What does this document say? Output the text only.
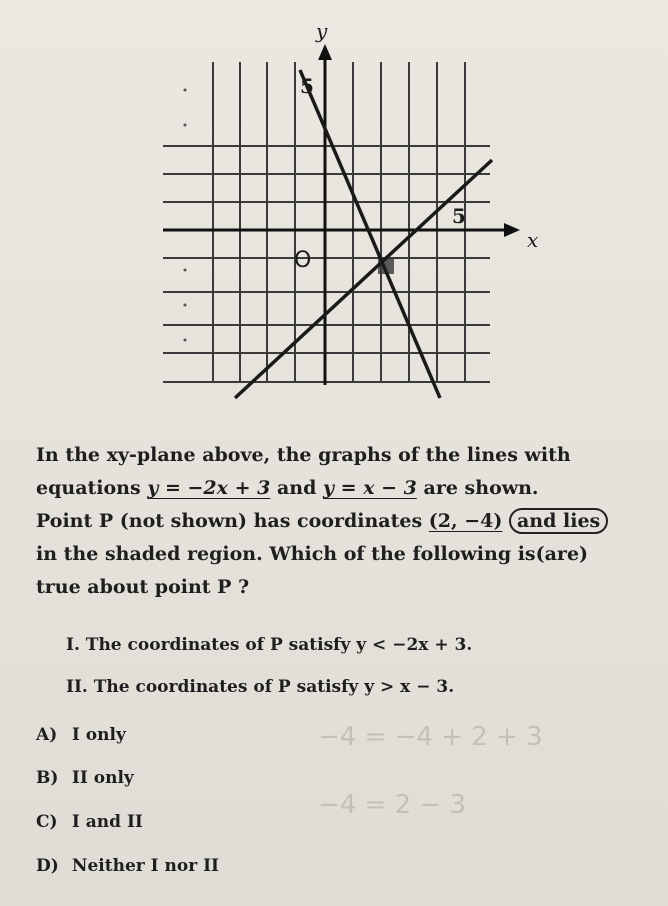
y
x
5
5
O
In the xy-plane above, the graphs of the lines with
equations y = −2x + 3 and y = x − 3 are shown.
Point P (not shown) has coordinates (2, −4) and lies
in the shaded region. Which of the following is(are)
true about point P ?
I. The coordinates of P satisfy y < −2x + 3.
II. The coordinates of P satisfy y > x − 3.
A) I only
B) II only
C) I and II
D) Neither I nor II
−4 = −4 + 2 + 3
−4 = 2 − 3
